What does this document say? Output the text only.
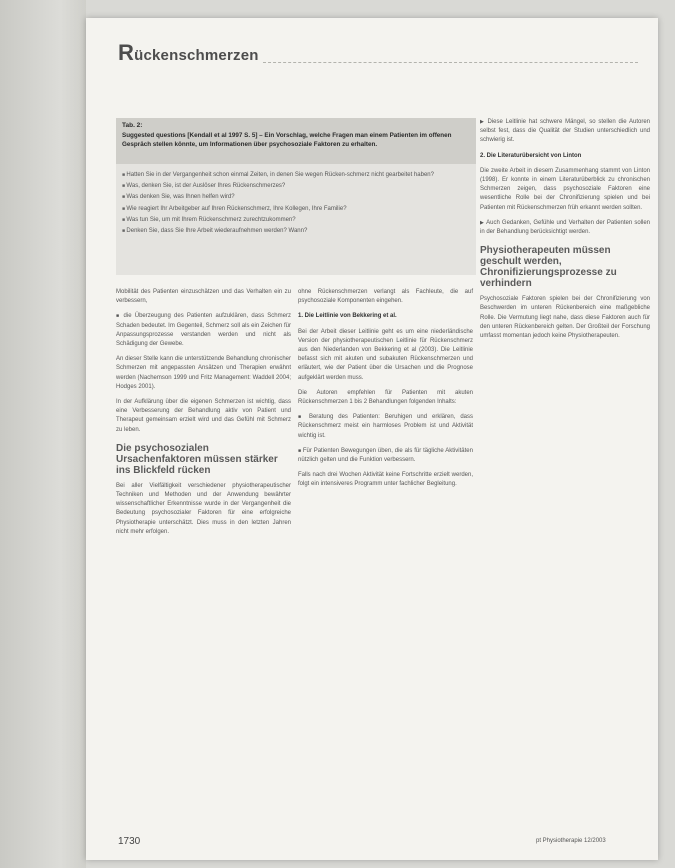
Rückenschmerzen
Tab. 2:
Suggested questions [Kendall et al 1997 S. 5] – Ein Vorschlag, welche Fragen man einem Patienten im offenen Gespräch stellen könnte, um Informationen über psychosoziale Faktoren zu erhalten.
■ Hatten Sie in der Vergangenheit schon einmal Zeiten, in denen Sie wegen Rücken-schmerz nicht gearbeitet haben?
■ Was, denken Sie, ist der Auslöser Ihres Rückenschmerzes?
■ Was denken Sie, was Ihnen helfen wird?
■ Wie reagiert Ihr Arbeitgeber auf Ihren Rückenschmerz, Ihre Kollegen, Ihre Familie?
■ Was tun Sie, um mit Ihrem Rückenschmerz zurechtzukommen?
■ Denken Sie, dass Sie Ihre Arbeit wiederaufnehmen werden? Wann?

Mobilität des Patienten einzuschätzen und das Verhalten ein zu verbessern,

■ die Überzeugung des Patienten aufzuklären, dass Schmerz Schaden bedeutet. Im Gegenteil, Schmerz soll als ein Zeichen für Anpassungsprozesse verstanden werden und nicht als Schädigung der Gewebe.

An dieser Stelle kann die unterstützende Behandlung chronischer Schmerzen mit angepassten Ansätzen und Therapien erwähnt werden (Nachemson 1999 und Fritz Management: Waddell 2004; Hodges 2001).

In der Aufklärung über die eigenen Schmerzen ist wichtig, dass eine Verbesserung der Behandlung aktiv von Patient und Therapeut gemeinsam erzielt wird und das Gefühl mit Schmerz zu leben.

Die psychosozialen Ursachenfaktoren müssen stärker ins Blickfeld rücken

Bei aller Vielfältigkeit verschiedener physiotherapeutischer Techniken und Methoden und der Anwendung bewährter wissenschaftlicher Erkenntnisse wurde in der Vergangenheit die Bedeutung psychosozialer Faktoren für eine erfolgreiche Physiotherapie unterschätzt. Dies muss in den letzten Jahren nicht mehr erfolgen.

ohne Rückenschmerzen verlangt als Fachleute, die auf psychosoziale Komponenten eingehen.

1. Die Leitlinie von Bekkering et al.

Bei der Arbeit dieser Leitlinie geht es um eine niederländische Version der physiotherapeutischen Leitlinie für Rückenschmerz aus den Niederlanden von Bekkering et al (2003). Die Leitlinie befasst sich mit akuten und subakuten Rückenschmerzen und erläutert, wie der Patient über die Ursachen und die Prognose aufgeklärt werden muss.

Die Autoren empfehlen für Patienten mit akuten Rückenschmerzen 1 bis 2 Behandlungen folgenden Inhalts:

■ Beratung des Patienten: Beruhigen und erklären, dass Rückenschmerz meist ein harmloses Problem ist und Aktivität wichtig ist.

■ Für Patienten Bewegungen üben, die als für tägliche Aktivitäten nützlich gelten und die Funktion verbessern.

Falls nach drei Wochen Aktivität keine Fortschritte erzielt werden, folgt ein intensiveres Programm unter fachlicher Begleitung.

▶ Diese Leitlinie hat schwere Mängel, so stellen die Autoren selbst fest, dass die Qualität der Studien unterschiedlich und schwierig ist.

2. Die Literaturübersicht von Linton

Die zweite Arbeit in diesem Zusammenhang stammt von Linton (1998). Er konnte in einem Literaturüberblick zu chronischen Schmerzen zeigen, dass psychosoziale Faktoren eine wesentliche Rolle bei der Chronifizierung spielen und bei Patienten mit Rückenschmerzen früh erkannt werden sollten.

▶ Auch Gedanken, Gefühle und Verhalten der Patienten sollen in der Behandlung berücksichtigt werden.

Physiotherapeuten müssen geschult werden, Chronifizierungsprozesse zu verhindern

Psychosoziale Faktoren spielen bei der Chronifizierung von Beschwerden im unteren Rückenbereich eine maßgebliche Rolle. Die Vermutung liegt nahe, dass diese Faktoren auch für den unteren Rückenbereich gelten. Der Großteil der Forschung umfasst momentan jedoch keine Physiotherapeuten.

1730	pt Physiotherapie 12/2003
